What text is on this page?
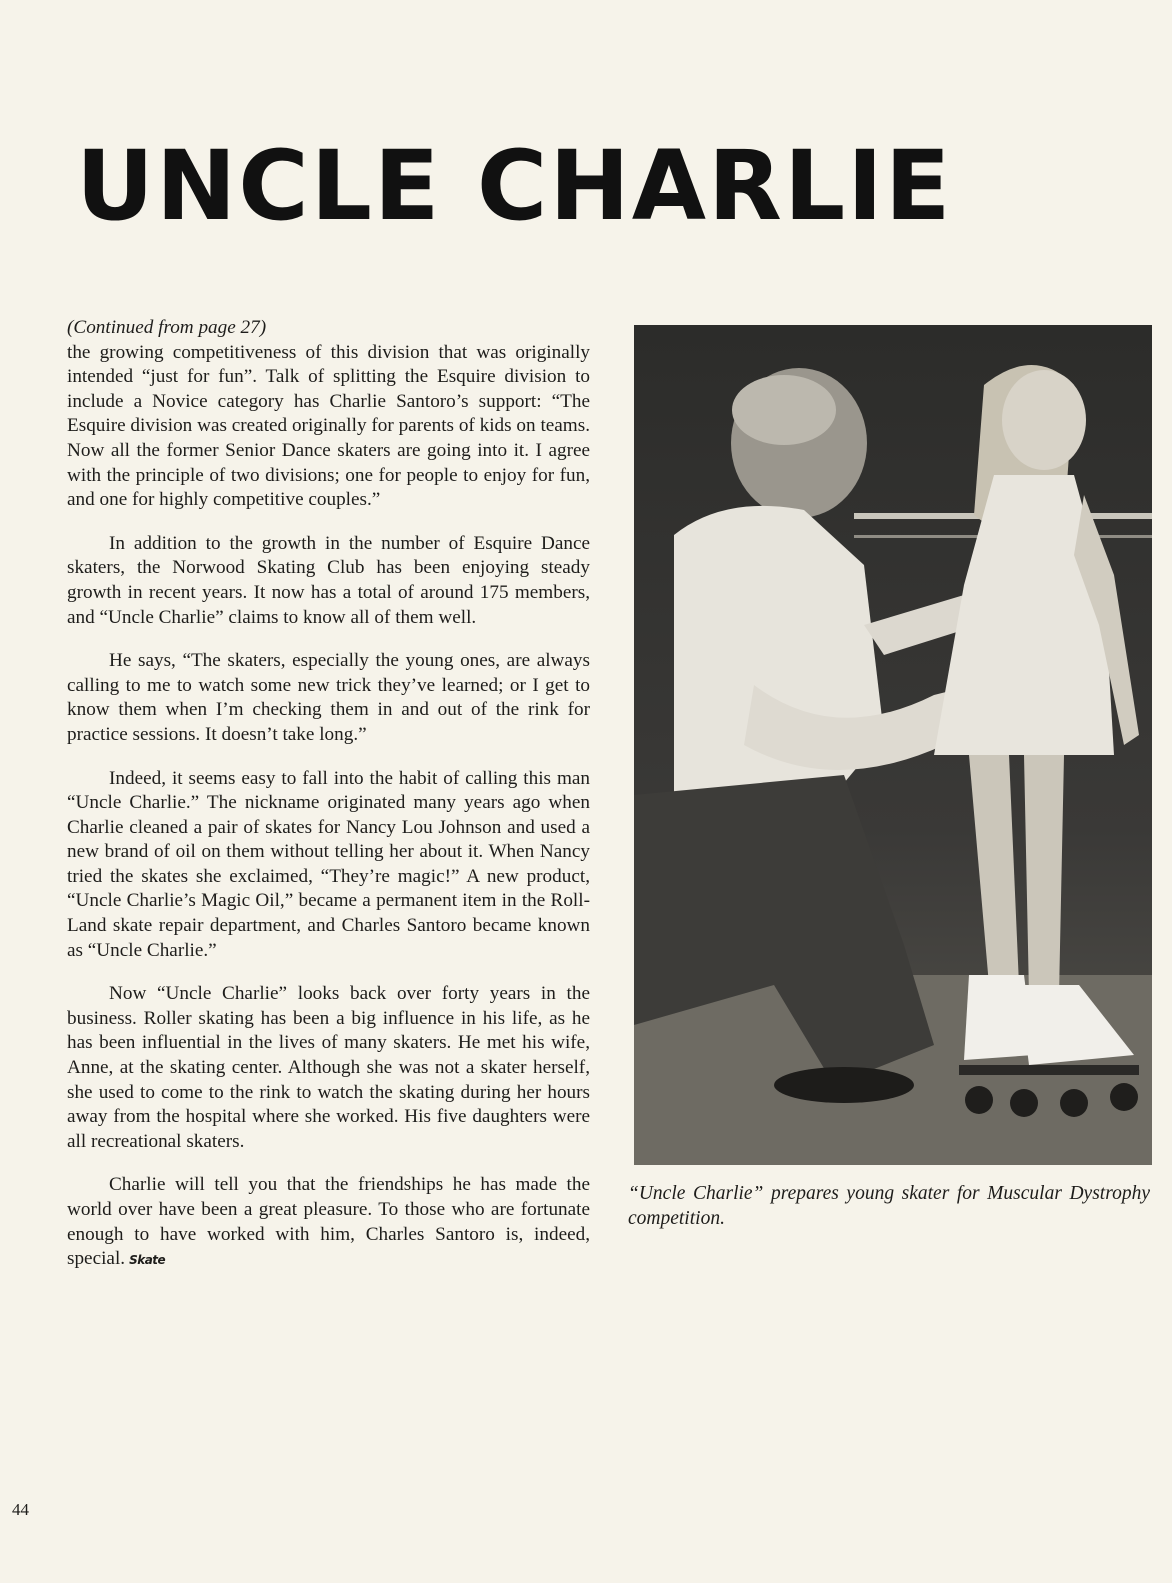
UNCLE CHARLIE

(Continued from page 27)
the growing competitiveness of this division that was originally intended “just for fun”. Talk of splitting the Esquire division to include a Novice category has Charlie Santoro’s support: “The Esquire division was created originally for parents of kids on teams. Now all the former Senior Dance skaters are going into it. I agree with the principle of two divisions; one for people to enjoy for fun, and one for highly competitive couples.”

In addition to the growth in the number of Esquire Dance skaters, the Norwood Skating Club has been enjoying steady growth in recent years. It now has a total of around 175 members, and “Uncle Charlie” claims to know all of them well.

He says, “The skaters, especially the young ones, are always calling to me to watch some new trick they’ve learned; or I get to know them when I’m checking them in and out of the rink for practice sessions. It doesn’t take long.”

Indeed, it seems easy to fall into the habit of calling this man “Uncle Charlie.” The nickname originated many years ago when Charlie cleaned a pair of skates for Nancy Lou Johnson and used a new brand of oil on them without telling her about it. When Nancy tried the skates she exclaimed, “They’re magic!” A new product, “Uncle Charlie’s Magic Oil,” became a permanent item in the Roll-Land skate repair department, and Charles Santoro became known as “Uncle Charlie.”

Now “Uncle Charlie” looks back over forty years in the business. Roller skating has been a big influence in his life, as he has been influential in the lives of many skaters. He met his wife, Anne, at the skating center. Although she was not a skater herself, she used to come to the rink to watch the skating during her hours away from the hospital where she worked. His five daughters were all recreational skaters.

Charlie will tell you that the friendships he has made the world over have been a great pleasure. To those who are fortunate enough to have worked with him, Charles Santoro is, indeed, special. Skate

“Uncle Charlie” prepares young skater for Muscular Dystrophy competition.

44
